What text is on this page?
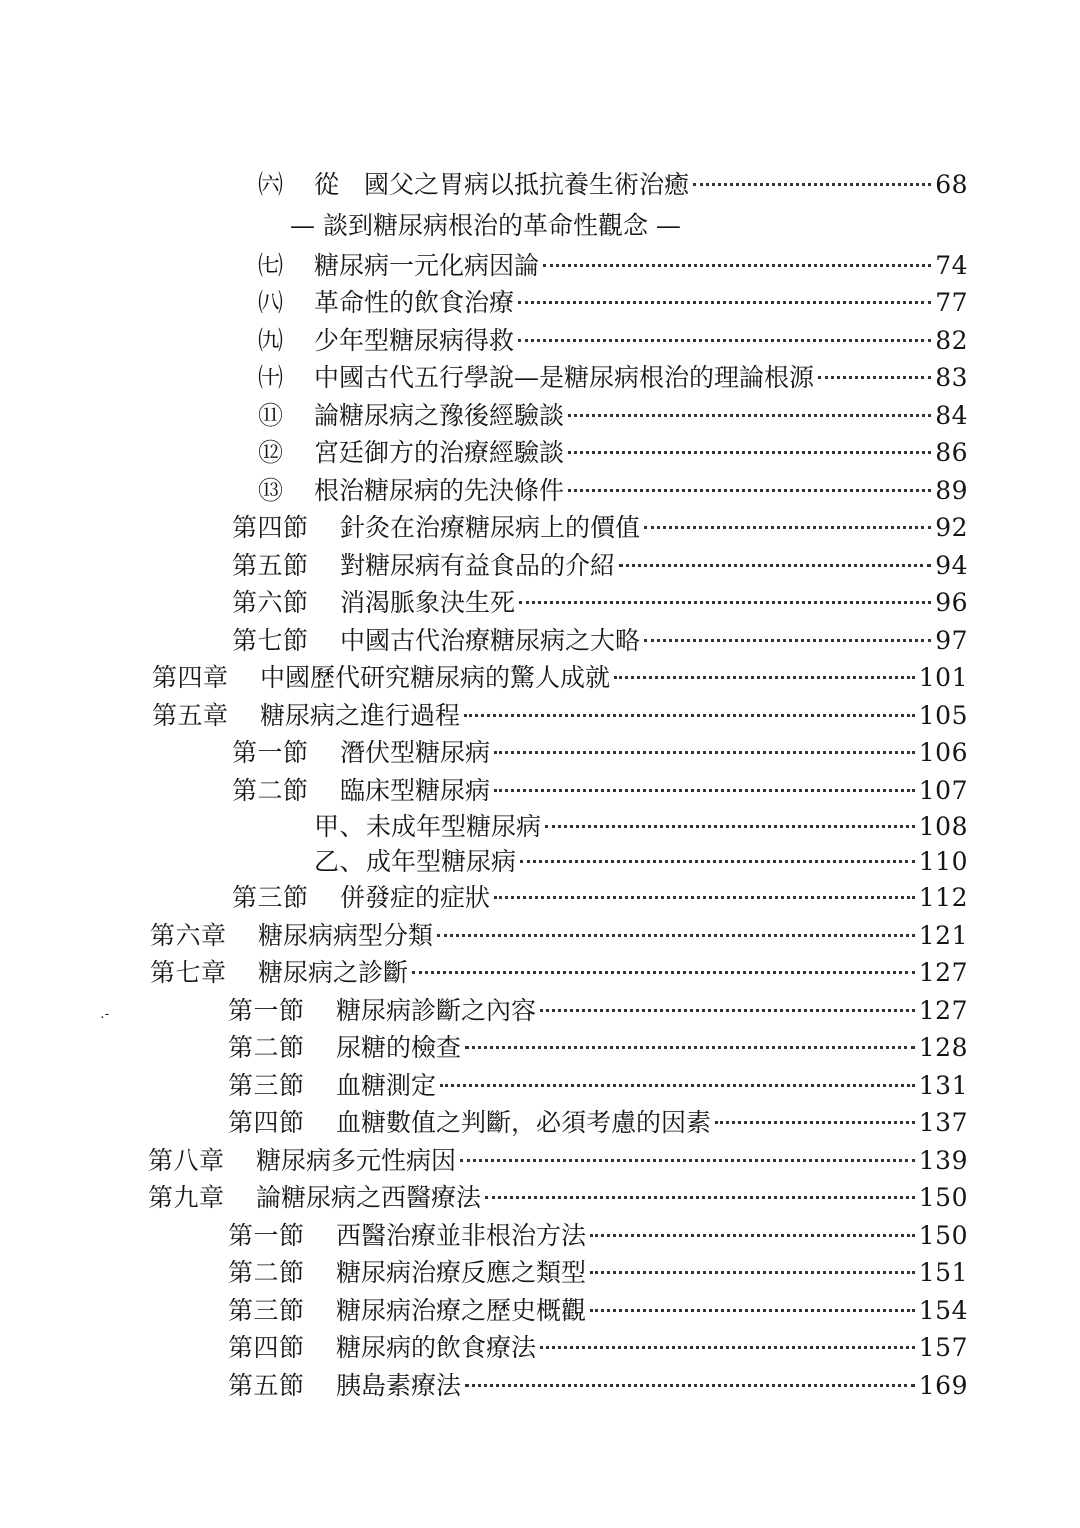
㈥	從　國父之胃病以抵抗養生術治癒	68
— 談到糖尿病根治的革命性觀念 —
㈦	糖尿病一元化病因論	74
㈧	革命性的飲食治療	77
㈨	少年型糖尿病得救	82
㈩	中國古代五行學說—是糖尿病根治的理論根源	83
⑪	論糖尿病之豫後經驗談	84
⑫	宮廷御方的治療經驗談	86
⑬	根治糖尿病的先決條件	89
第四節	針灸在治療糖尿病上的價值	92
第五節	對糖尿病有益食品的介紹	94
第六節	消渴脈象決生死	96
第七節	中國古代治療糖尿病之大略	97
第四章	中國歷代研究糖尿病的驚人成就	101
第五章	糖尿病之進行過程	105
第一節	潛伏型糖尿病	106
第二節	臨床型糖尿病	107
甲、 未成年型糖尿病	108
乙、 成年型糖尿病	110
第三節	併發症的症狀	112
第六章	糖尿病病型分類	121
第七章	糖尿病之診斷	127
第一節	糖尿病診斷之內容	127
第二節	尿糖的檢查	128
第三節	血糖測定	131
第四節	血糖數值之判斷，必須考慮的因素	137
第八章	糖尿病多元性病因	139
第九章	論糖尿病之西醫療法	150
第一節	西醫治療並非根治方法	150
第二節	糖尿病治療反應之類型	151
第三節	糖尿病治療之歷史概觀	154
第四節	糖尿病的飲食療法	157
第五節	胰島素療法	169
․‐
